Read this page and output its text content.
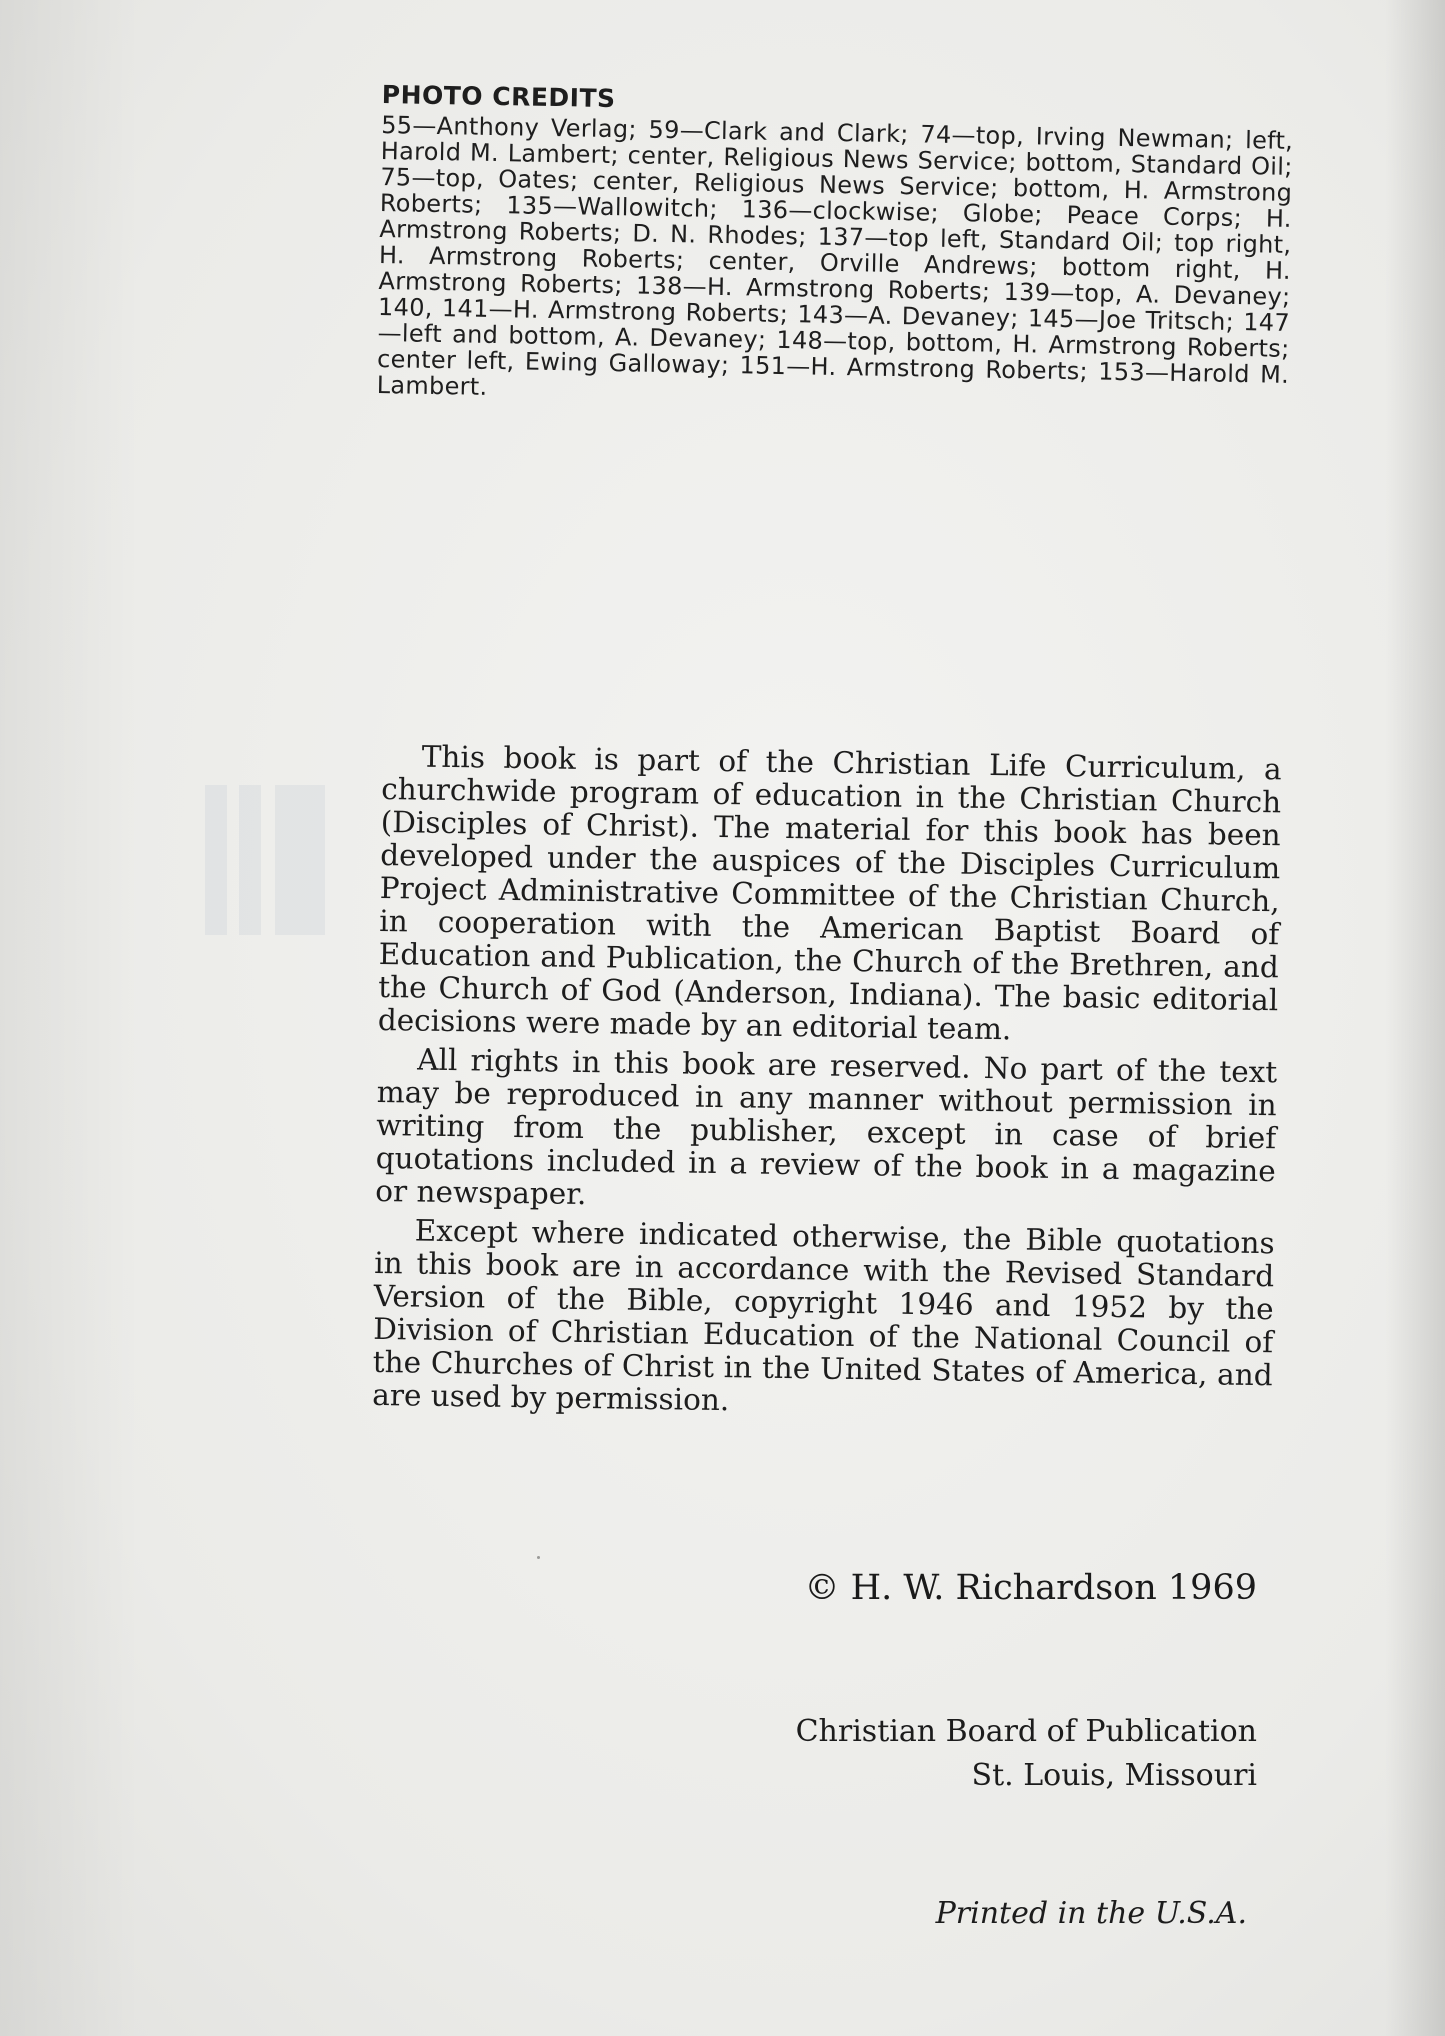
PHOTO CREDITS

55—Anthony Verlag; 59—Clark and Clark; 74—top, Irving Newman; left, Harold M. Lambert; center, Religious News Service; bottom, Standard Oil; 75—top, Oates; center, Religious News Service; bottom, H. Armstrong Roberts; 135—Wallowitch; 136—clockwise; Globe; Peace Corps; H. Armstrong Roberts; D. N. Rhodes; 137—top left, Standard Oil; top right, H. Armstrong Roberts; center, Orville Andrews; bottom right, H. Armstrong Roberts; 138—H. Armstrong Roberts; 139—top, A. Devaney; 140, 141—H. Armstrong Roberts; 143—A. Devaney; 145—Joe Tritsch; 147—left and bottom, A. Devaney; 148—top, bottom, H. Armstrong Roberts; center left, Ewing Galloway; 151—H. Armstrong Roberts; 153—Harold M. Lambert.

This book is part of the Christian Life Curriculum, a churchwide program of education in the Christian Church (Disciples of Christ). The material for this book has been developed under the auspices of the Disciples Curriculum Project Administrative Committee of the Christian Church, in cooperation with the American Baptist Board of Education and Publication, the Church of the Brethren, and the Church of God (Anderson, Indiana). The basic editorial decisions were made by an editorial team.

All rights in this book are reserved. No part of the text may be reproduced in any manner without permission in writing from the publisher, except in case of brief quotations included in a review of the book in a magazine or newspaper.

Except where indicated otherwise, the Bible quotations in this book are in accordance with the Revised Standard Version of the Bible, copyright 1946 and 1952 by the Division of Christian Education of the National Council of the Churches of Christ in the United States of America, and are used by permission.

© H. W. Richardson 1969
Christian Board of Publication
St. Louis, Missouri
Printed in the U.S.A.
